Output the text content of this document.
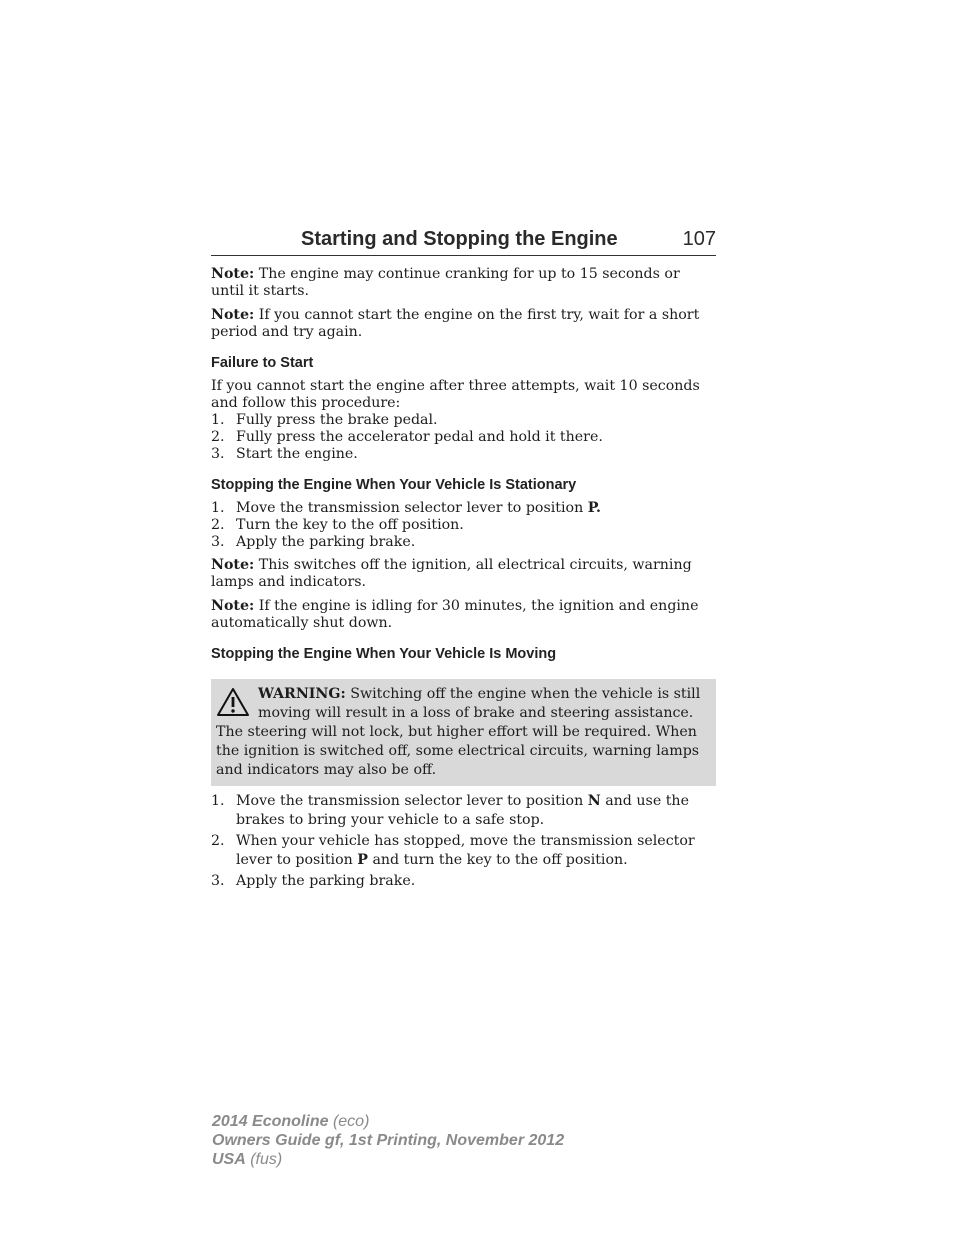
Starting and Stopping the Engine	107

Note: The engine may continue cranking for up to 15 seconds or until it starts.

Note: If you cannot start the engine on the first try, wait for a short period and try again.

Failure to Start

If you cannot start the engine after three attempts, wait 10 seconds and follow this procedure:

1. Fully press the brake pedal.
2. Fully press the accelerator pedal and hold it there.
3. Start the engine.
Stopping the Engine When Your Vehicle Is Stationary
1. Move the transmission selector lever to position P.
2. Turn the key to the off position.
3. Apply the parking brake.

Note: This switches off the ignition, all electrical circuits, warning lamps and indicators.

Note: If the engine is idling for 30 minutes, the ignition and engine automatically shut down.

Stopping the Engine When Your Vehicle Is Moving
WARNING: Switching off the engine when the vehicle is still moving will result in a loss of brake and steering assistance. The steering will not lock, but higher effort will be required. When the ignition is switched off, some electrical circuits, warning lamps and indicators may also be off.
1. Move the transmission selector lever to position N and use the brakes to bring your vehicle to a safe stop.
2. When your vehicle has stopped, move the transmission selector lever to position P and turn the key to the off position.
3. Apply the parking brake.
2014 Econoline (eco)
Owners Guide gf, 1st Printing, November 2012
USA (fus)
